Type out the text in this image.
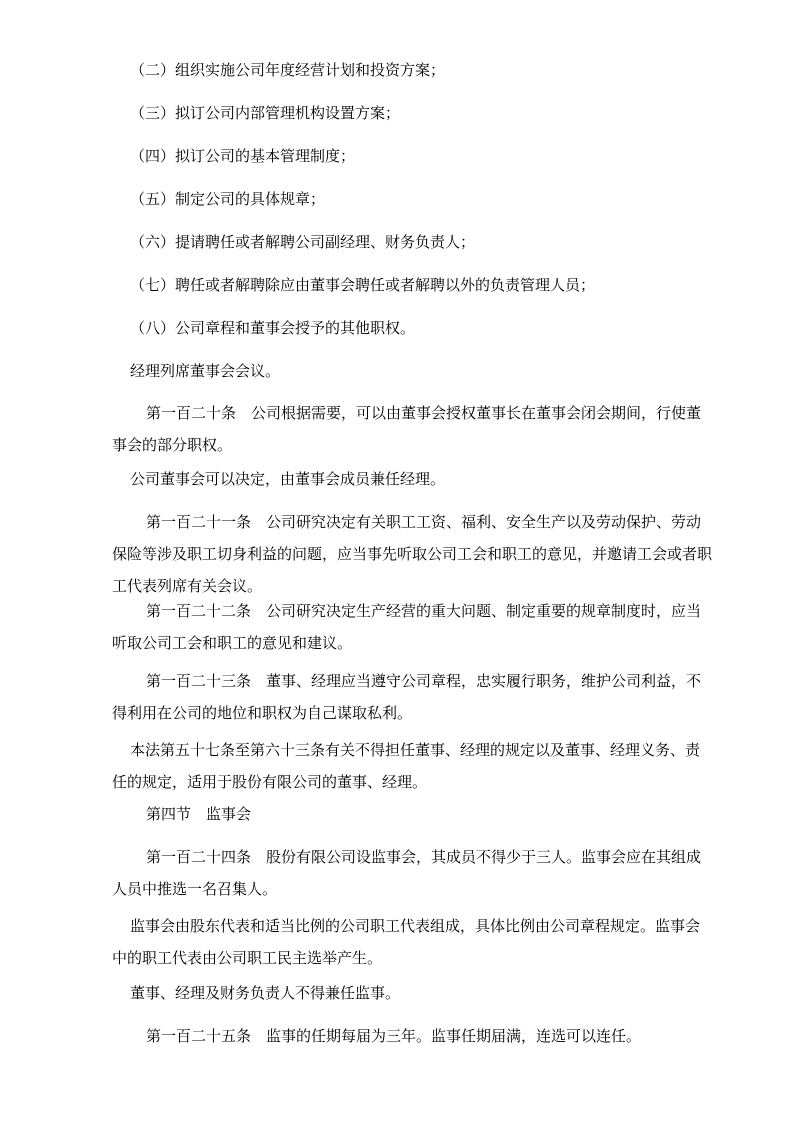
（二）组织实施公司年度经营计划和投资方案；

（三）拟订公司内部管理机构设置方案；

（四）拟订公司的基本管理制度；

（五）制定公司的具体规章；

（六）提请聘任或者解聘公司副经理、财务负责人；

（七）聘任或者解聘除应由董事会聘任或者解聘以外的负责管理人员；

（八）公司章程和董事会授予的其他职权。

经理列席董事会会议。

第一百二十条　公司根据需要，可以由董事会授权董事长在董事会闭会期间，行使董
事会的部分职权。

公司董事会可以决定，由董事会成员兼任经理。

第一百二十一条　公司研究决定有关职工工资、福利、安全生产以及劳动保护、劳动
保险等涉及职工切身利益的问题，应当事先听取公司工会和职工的意见，并邀请工会或者职
工代表列席有关会议。
第一百二十二条　公司研究决定生产经营的重大问题、制定重要的规章制度时，应当
听取公司工会和职工的意见和建议。
第一百二十三条　董事、经理应当遵守公司章程，忠实履行职务，维护公司利益，不
得利用在公司的地位和职权为自己谋取私利。
本法第五十七条至第六十三条有关不得担任董事、经理的规定以及董事、经理义务、责
任的规定，适用于股份有限公司的董事、经理。

第四节　监事会

第一百二十四条　股份有限公司设监事会，其成员不得少于三人。监事会应在其组成
人员中推选一名召集人。
监事会由股东代表和适当比例的公司职工代表组成，具体比例由公司章程规定。监事会
中的职工代表由公司职工民主选举产生。

董事、经理及财务负责人不得兼任监事。

第一百二十五条　监事的任期每届为三年。监事任期届满，连选可以连任。
